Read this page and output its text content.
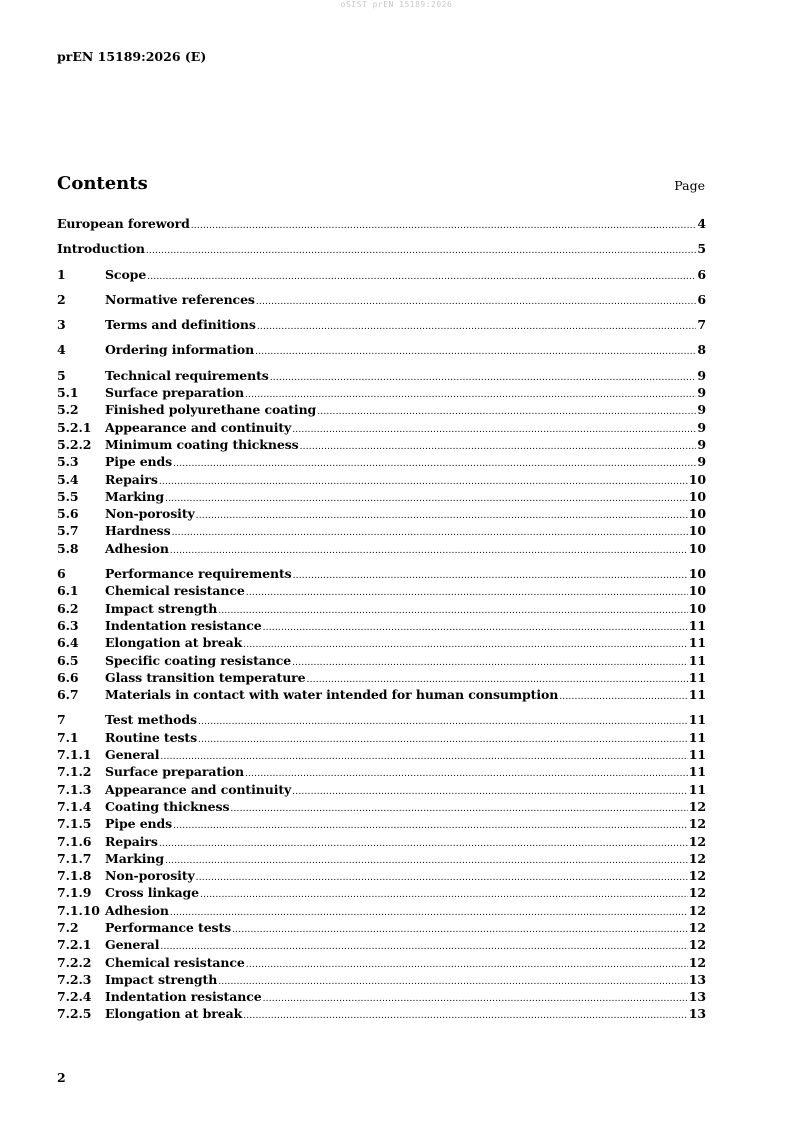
oSIST prEN 15189:2026
prEN 15189:2026 (E)
Contents	Page
European foreword .....	4
Introduction .....	5
1	Scope .....	6
2	Normative references .....	6
3	Terms and definitions .....	7
4	Ordering information .....	8
5	Technical requirements .....	9
5.1	Surface preparation .....	9
5.2	Finished polyurethane coating .....	9
5.2.1	Appearance and continuity .....	9
5.2.2	Minimum coating thickness .....	9
5.3	Pipe ends .....	9
5.4	Repairs .....	10
5.5	Marking .....	10
5.6	Non-porosity .....	10
5.7	Hardness .....	10
5.8	Adhesion .....	10
6	Performance requirements .....	10
6.1	Chemical resistance .....	10
6.2	Impact strength .....	10
6.3	Indentation resistance .....	11
6.4	Elongation at break .....	11
6.5	Specific coating resistance .....	11
6.6	Glass transition temperature .....	11
6.7	Materials in contact with water intended for human consumption .....	11
7	Test methods .....	11
7.1	Routine tests .....	11
7.1.1	General .....	11
7.1.2	Surface preparation .....	11
7.1.3	Appearance and continuity .....	11
7.1.4	Coating thickness .....	12
7.1.5	Pipe ends .....	12
7.1.6	Repairs .....	12
7.1.7	Marking .....	12
7.1.8	Non-porosity .....	12
7.1.9	Cross linkage .....	12
7.1.10 Adhesion .....	12
7.2	Performance tests .....	12
7.2.1	General .....	12
7.2.2	Chemical resistance .....	12
7.2.3	Impact strength .....	13
7.2.4	Indentation resistance .....	13
7.2.5	Elongation at break .....	13
2
